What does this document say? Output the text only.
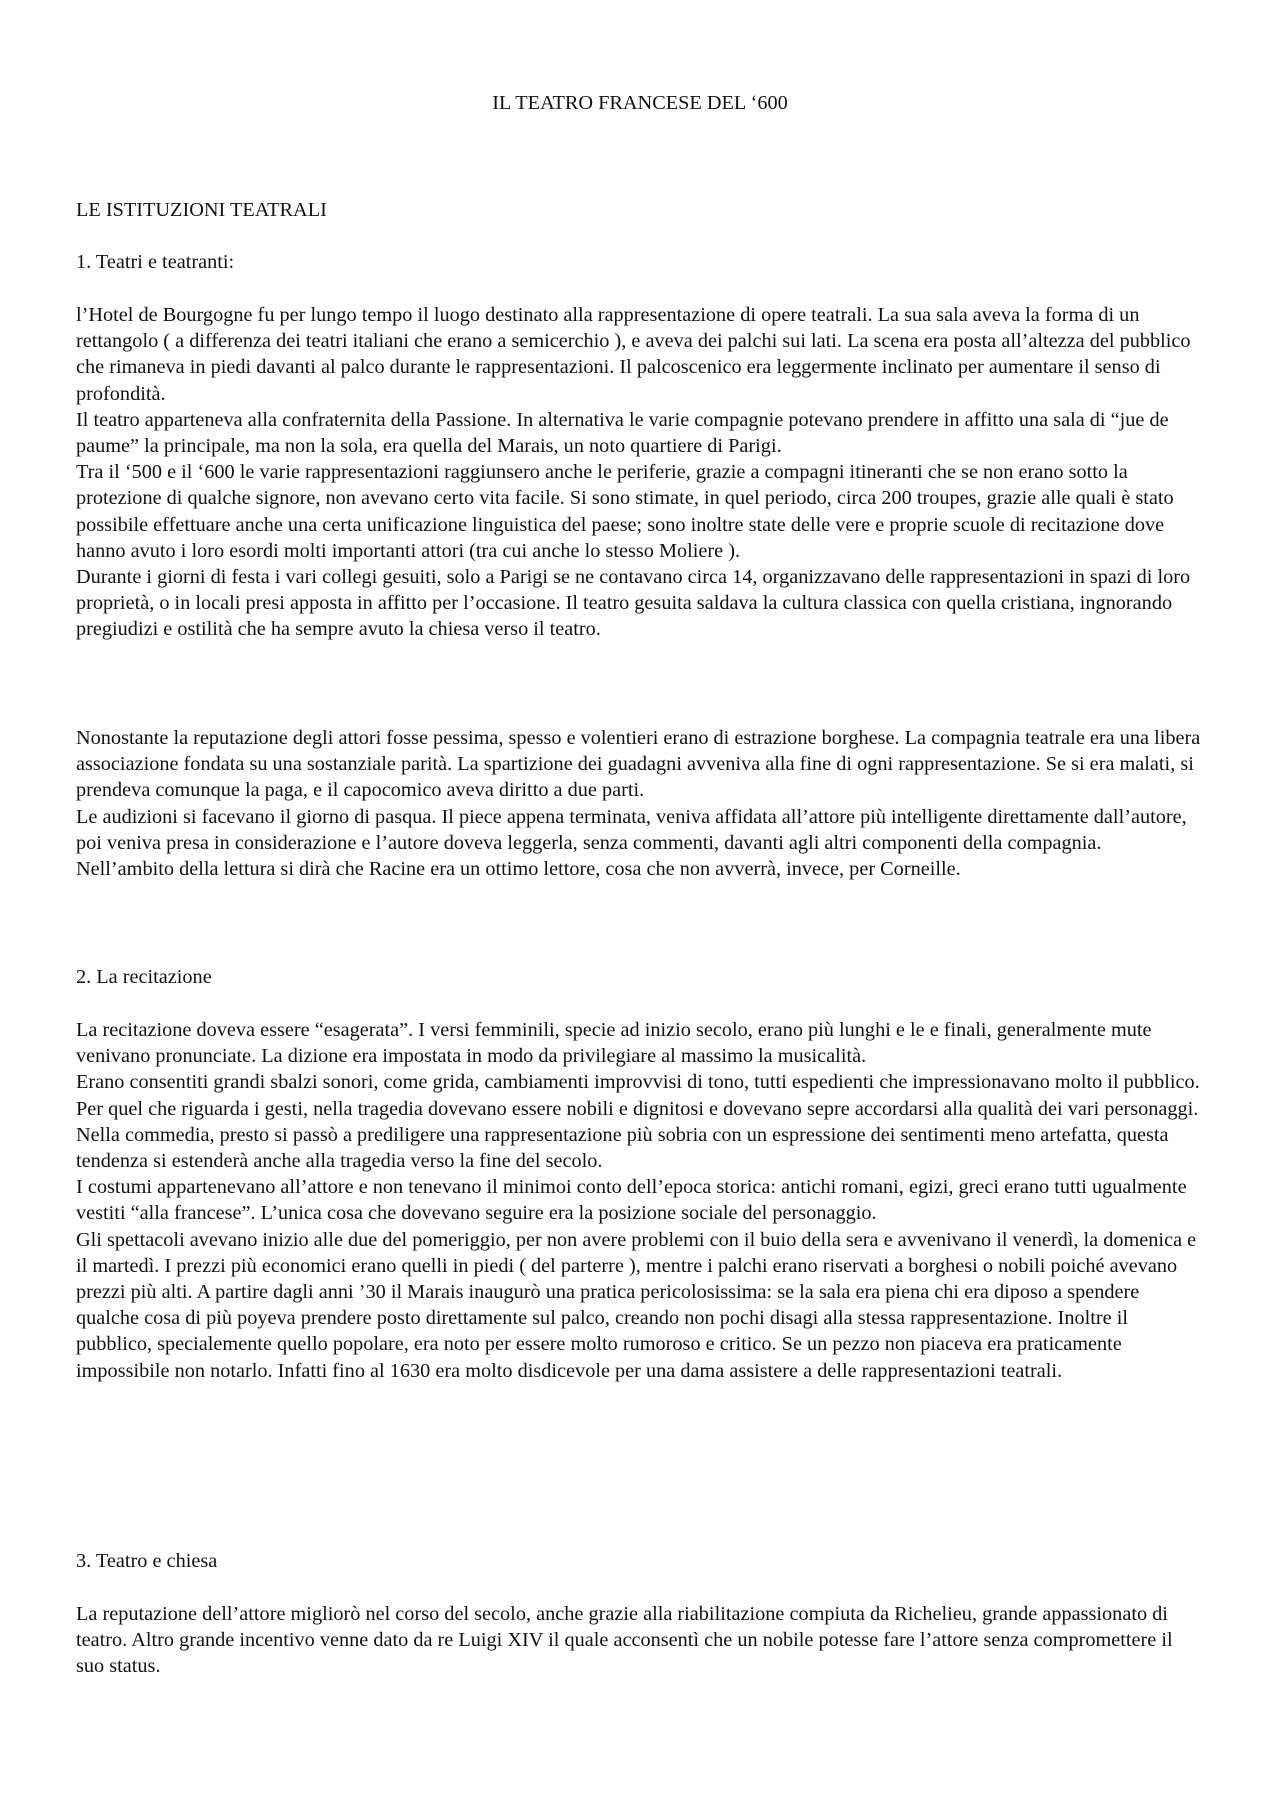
IL TEATRO FRANCESE DEL ‘600
LE ISTITUZIONI TEATRALI
1. Teatri e teatranti:

l’Hotel de Bourgogne fu per lungo tempo il luogo destinato alla rappresentazione di opere teatrali. La sua sala aveva la forma di un rettangolo ( a differenza dei teatri italiani che erano a semicerchio ), e aveva dei palchi sui lati. La scena era posta all’altezza del pubblico che rimaneva in piedi davanti al palco durante le rappresentazioni. Il palcoscenico era leggermente inclinato per aumentare il senso di profondità.

Il teatro apparteneva alla confraternita della Passione. In alternativa le varie compagnie potevano prendere in affitto una sala di “jue de paume” la principale, ma non la sola, era quella del Marais, un noto quartiere di Parigi.

Tra il ‘500 e il ‘600 le varie rappresentazioni raggiunsero anche le periferie, grazie a compagni itineranti che se non erano sotto la protezione di qualche signore, non avevano certo vita facile. Si sono stimate, in quel periodo, circa 200 troupes, grazie alle quali è stato possibile effettuare anche una certa unificazione linguistica del paese; sono inoltre state delle vere e proprie scuole di recitazione dove hanno avuto i loro esordi molti importanti attori (tra cui anche lo stesso Moliere ).

Durante i giorni di festa i vari collegi gesuiti, solo a Parigi se ne contavano circa 14, organizzavano delle rappresentazioni in spazi di loro proprietà, o in locali presi apposta in affitto per l’occasione. Il teatro gesuita saldava la cultura classica con quella cristiana, ingnorando pregiudizi e ostilità che ha sempre avuto la chiesa verso il teatro.

Nonostante la reputazione degli attori fosse pessima, spesso e volentieri erano di estrazione borghese. La compagnia teatrale era una libera associazione fondata su una sostanziale parità. La spartizione dei guadagni avveniva alla fine di ogni rappresentazione. Se si era malati, si prendeva comunque la paga, e il capocomico aveva diritto a due parti.

Le audizioni si facevano il giorno di pasqua. Il piece appena terminata, veniva affidata all’attore più intelligente direttamente dall’autore, poi veniva presa in considerazione e l’autore doveva leggerla, senza commenti, davanti agli altri componenti della compagnia. Nell’ambito della lettura si dirà che Racine era un ottimo lettore, cosa che non avverrà, invece, per Corneille.

2. La recitazione

La recitazione doveva essere “esagerata”. I versi femminili, specie ad inizio secolo, erano più lunghi e le e finali, generalmente mute venivano pronunciate. La dizione era impostata in modo da privilegiare al massimo la musicalità.

Erano consentiti grandi sbalzi sonori, come grida, cambiamenti improvvisi di tono, tutti espedienti che impressionavano molto il pubblico. Per quel che riguarda i gesti, nella tragedia dovevano essere nobili e dignitosi e dovevano sepre accordarsi alla qualità dei vari personaggi.

Nella commedia, presto si passò a prediligere una rappresentazione più sobria con un espressione dei sentimenti meno artefatta, questa tendenza si estenderà anche alla tragedia verso la fine del secolo.

I costumi appartenevano all’attore e non tenevano il minimoi conto dell’epoca storica: antichi romani, egizi, greci erano tutti ugualmente vestiti “alla francese”. L’unica cosa che dovevano seguire era la posizione sociale del personaggio.

Gli spettacoli avevano inizio alle due del pomeriggio, per non avere problemi con il buio della sera e avvenivano il venerdì, la domenica e il martedì. I prezzi più economici erano quelli in piedi ( del parterre ), mentre i palchi erano riservati a borghesi o nobili poiché avevano prezzi più alti. A partire dagli anni ’30 il Marais inaugurò una pratica pericolosissima: se la sala era piena chi era diposo a spendere qualche cosa di più poyeva prendere posto direttamente sul palco, creando non pochi disagi alla stessa rappresentazione. Inoltre il pubblico, specialemente quello popolare, era noto per essere molto rumoroso e critico. Se un pezzo non piaceva era praticamente impossibile non notarlo. Infatti fino al 1630 era molto disdicevole per una dama assistere a delle rappresentazioni teatrali.

3. Teatro e chiesa

La reputazione dell’attore migliorò nel corso del secolo, anche grazie alla riabilitazione compiuta da Richelieu, grande appassionato di teatro. Altro grande incentivo venne dato da re Luigi XIV il quale acconsentì che un nobile potesse fare l’attore senza compromettere il suo status.
